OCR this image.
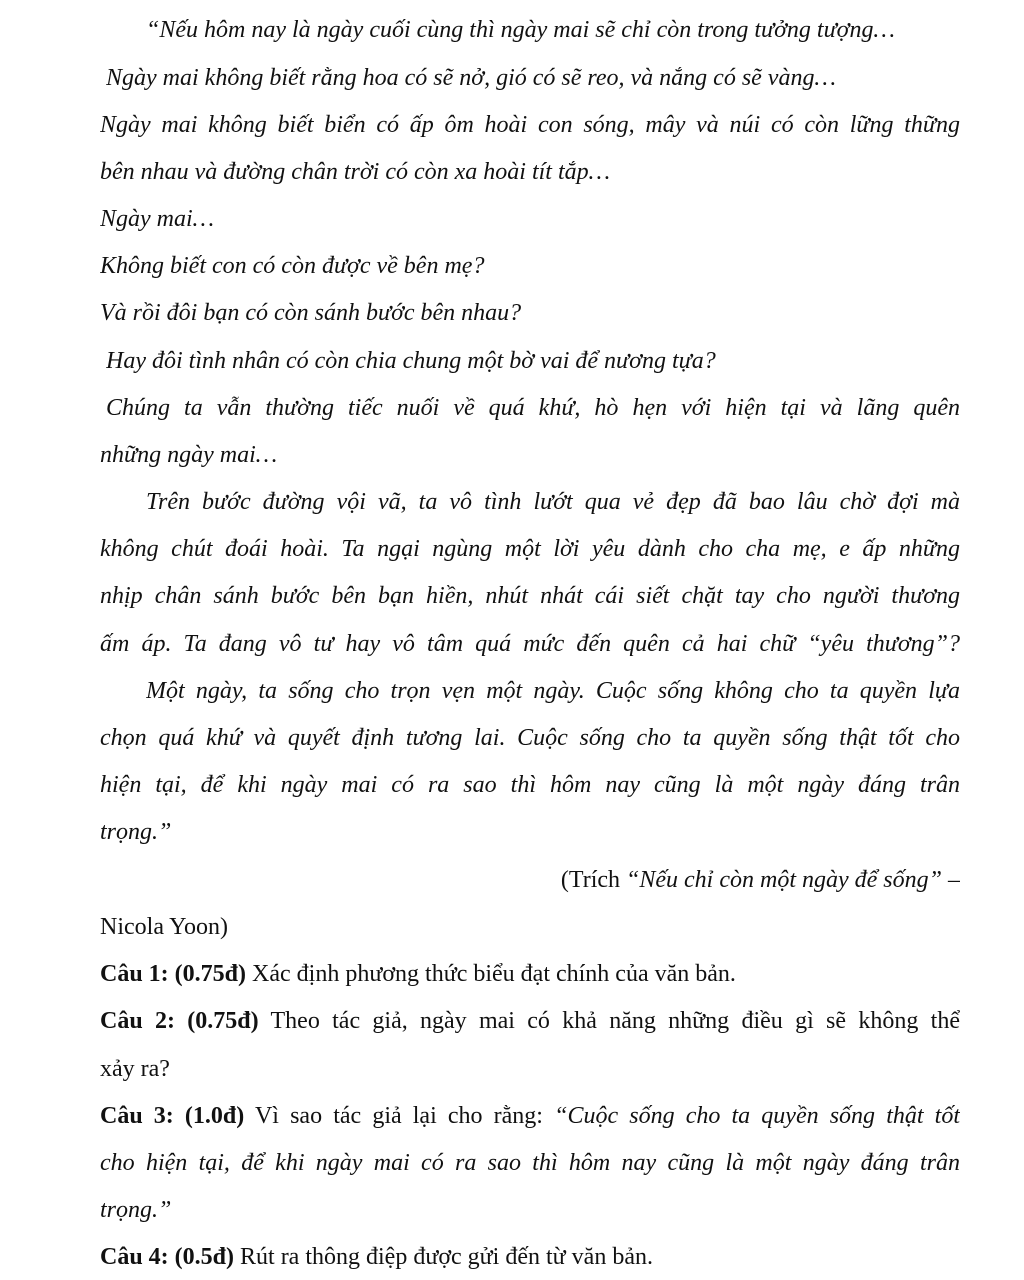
“Nếu hôm nay là ngày cuối cùng thì ngày mai sẽ chỉ còn trong tưởng tượng…
Ngày mai không biết rằng hoa có sẽ nở, gió có sẽ reo, và nắng có sẽ vàng…
Ngày mai không biết biển có ấp ôm hoài con sóng, mây và núi có còn lững thững
bên nhau và đường chân trời có còn xa hoài tít tắp…
Ngày mai…
Không biết con có còn được về bên mẹ?
Và rồi đôi bạn có còn sánh bước bên nhau?
Hay đôi tình nhân có còn chia chung một bờ vai để nương tựa?
Chúng ta vẫn thường tiếc nuối về quá khứ, hò hẹn với hiện tại và lãng quên
những ngày mai…
Trên bước đường vội vã, ta vô tình lướt qua vẻ đẹp đã bao lâu chờ đợi mà
không chút đoái hoài. Ta ngại ngùng một lời yêu dành cho cha mẹ, e ấp những
nhịp chân sánh bước bên bạn hiền, nhút nhát cái siết chặt tay cho người thương
ấm áp. Ta đang vô tư hay vô tâm quá mức đến quên cả hai chữ “yêu thương”?
Một ngày, ta sống cho trọn vẹn một ngày. Cuộc sống không cho ta quyền lựa
chọn quá khứ và quyết định tương lai. Cuộc sống cho ta quyền sống thật tốt cho
hiện tại, để khi ngày mai có ra sao thì hôm nay cũng là một ngày đáng trân
trọng.”
(Trích “Nếu chỉ còn một ngày để sống” –
Nicola Yoon)
Câu 1: (0.75đ) Xác định phương thức biểu đạt chính của văn bản.
Câu 2: (0.75đ) Theo tác giả, ngày mai có khả năng những điều gì sẽ không thể
xảy ra?
Câu 3: (1.0đ) Vì sao tác giả lại cho rằng: “Cuộc sống cho ta quyền sống thật tốt
cho hiện tại, để khi ngày mai có ra sao thì hôm nay cũng là một ngày đáng trân
trọng.”
Câu 4: (0.5đ) Rút ra thông điệp được gửi đến từ văn bản.
